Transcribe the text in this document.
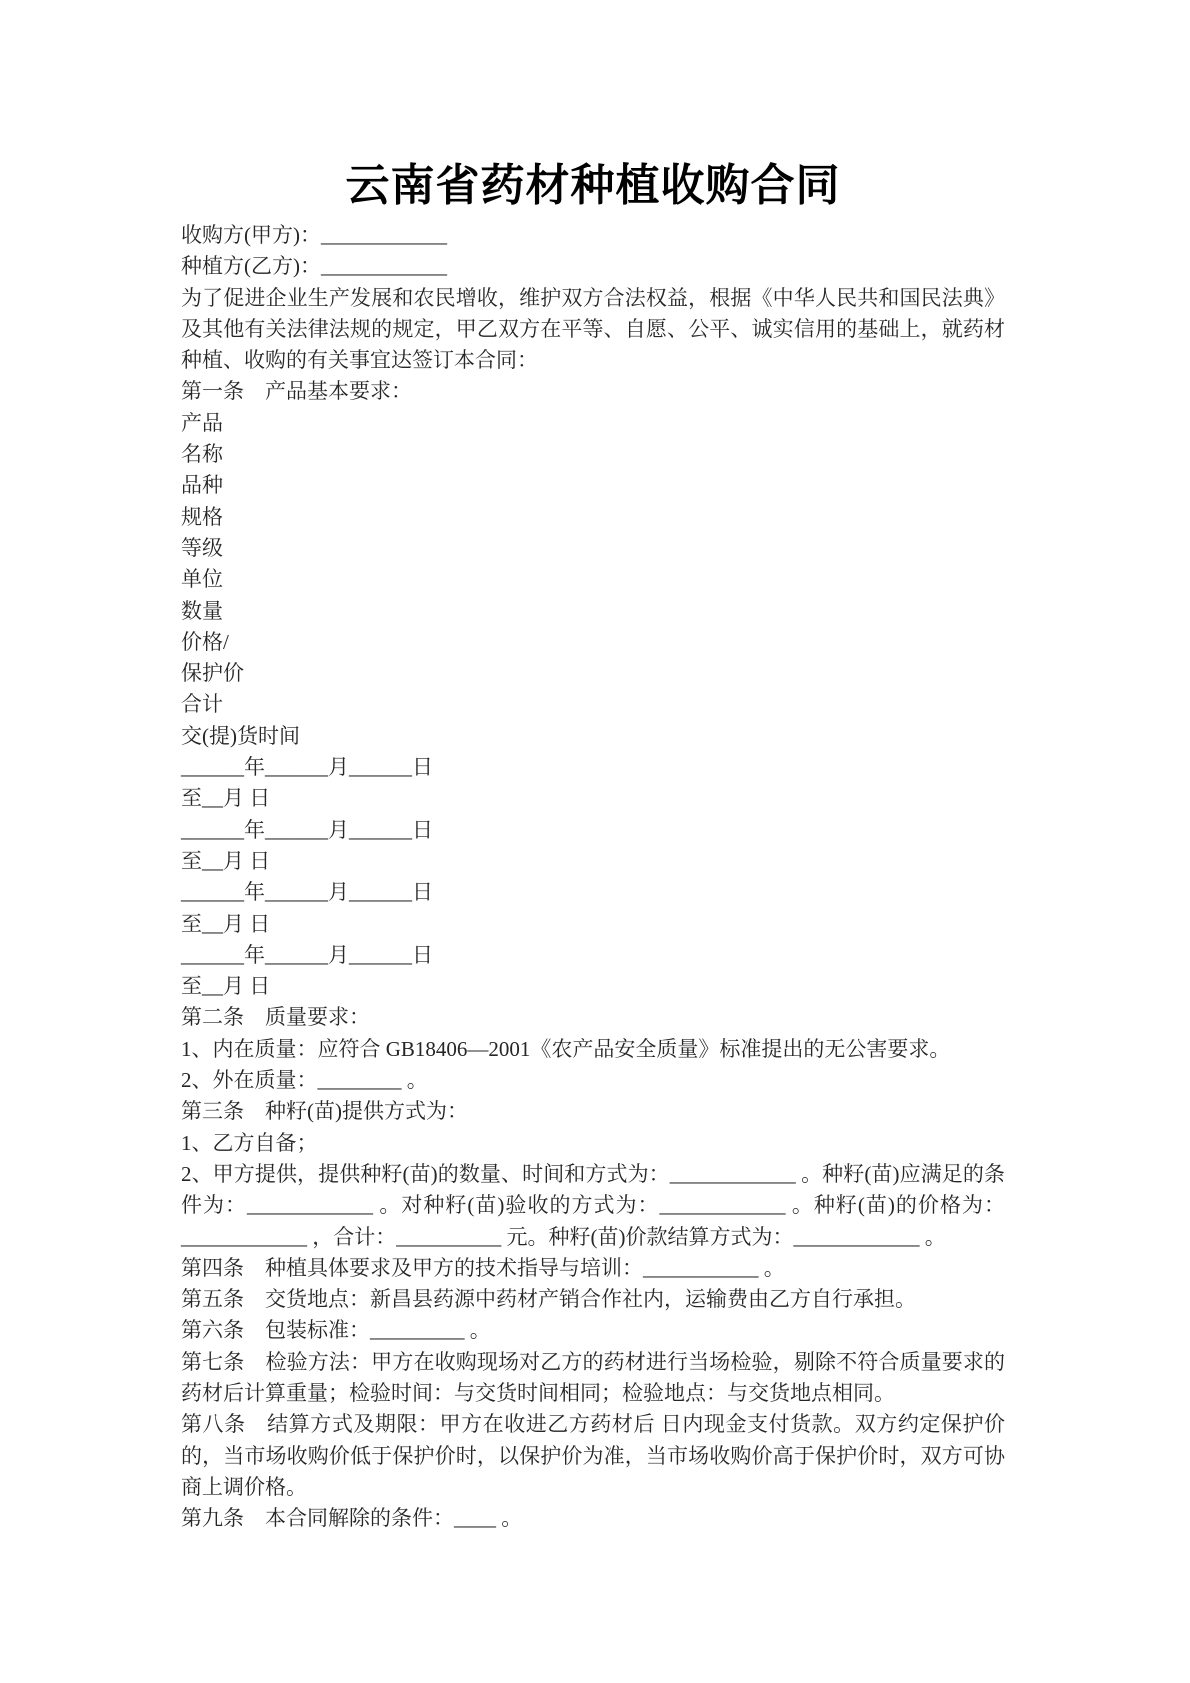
云南省药材种植收购合同

收购方(甲方)：____________

种植方(乙方)：____________

为了促进企业生产发展和农民增收，维护双方合法权益，根据《中华人民共和国民法典》及其他有关法律法规的规定，甲乙双方在平等、自愿、公平、诚实信用的基础上，就药材种植、收购的有关事宜达签订本合同：

第一条　产品基本要求：

产品

名称

品种

规格

等级

单位

数量

价格/

保护价

合计

交(提)货时间

______年______月______日

至__月 日

______年______月______日

至__月 日

______年______月______日

至__月 日

______年______月______日

至__月 日

第二条　质量要求：

1、内在质量：应符合 GB18406—2001《农产品安全质量》标准提出的无公害要求。

2、外在质量：________ 。

第三条　种籽(苗)提供方式为：

1、乙方自备；

2、甲方提供，提供种籽(苗)的数量、时间和方式为：____________ 。种籽(苗)应满足的条件为：____________ 。对种籽(苗)验收的方式为：____________ 。种籽(苗)的价格为：____________ ，合计：__________ 元。种籽(苗)价款结算方式为：____________ 。

第四条　种植具体要求及甲方的技术指导与培训：___________ 。

第五条　交货地点：新昌县药源中药材产销合作社内，运输费由乙方自行承担。

第六条　包装标准：_________ 。

第七条　检验方法：甲方在收购现场对乙方的药材进行当场检验，剔除不符合质量要求的药材后计算重量；检验时间：与交货时间相同；检验地点：与交货地点相同。

第八条　结算方式及期限：甲方在收进乙方药材后 日内现金支付货款。双方约定保护价的，当市场收购价低于保护价时，以保护价为准，当市场收购价高于保护价时，双方可协商上调价格。

第九条　本合同解除的条件：____ 。
